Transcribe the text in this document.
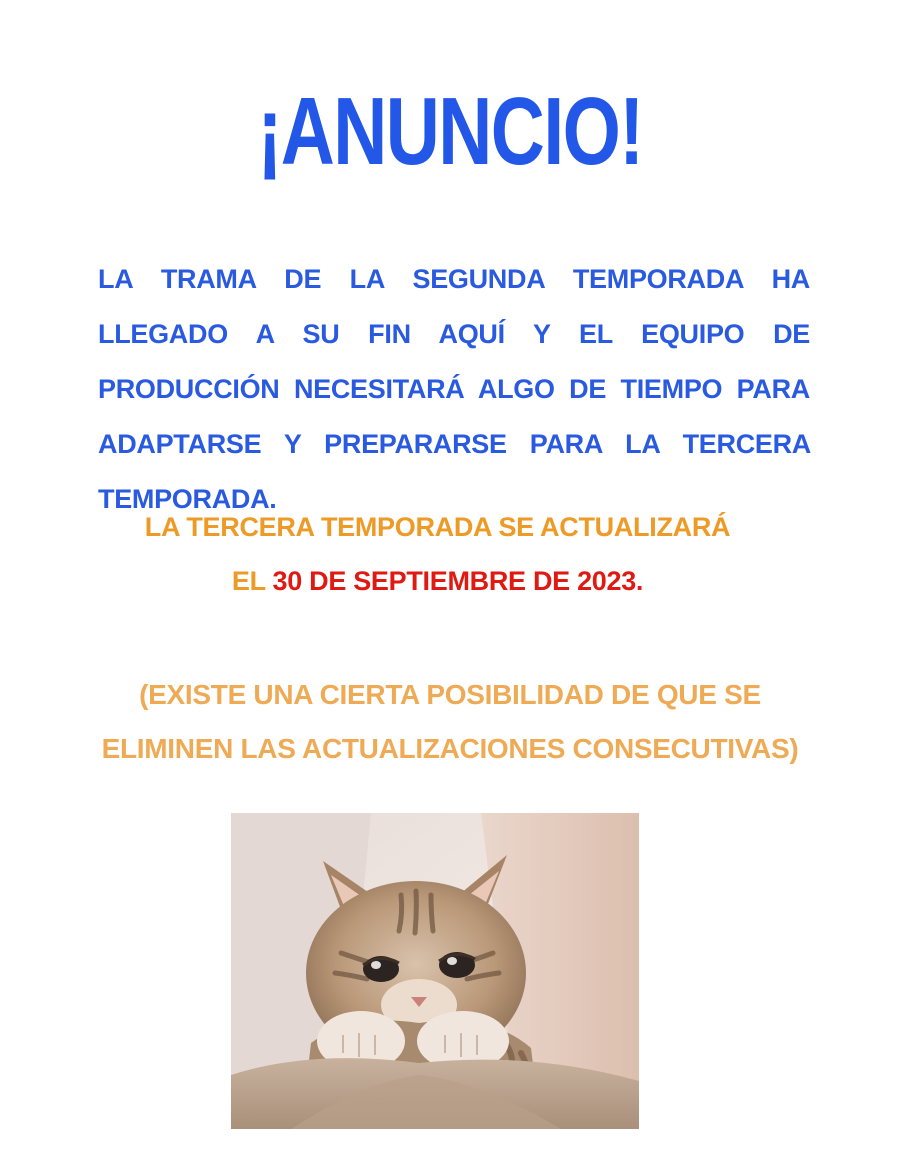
¡ANUNCIO!
LA TRAMA DE LA SEGUNDA TEMPORADA HA LLEGADO A SU FIN AQUÍ Y EL EQUIPO DE PRODUCCIÓN NECESITARÁ ALGO DE TIEMPO PARA ADAPTARSE Y PREPARARSE PARA LA TERCERA TEMPORADA.
LA TERCERA TEMPORADA SE ACTUALIZARÁ
EL 30 DE SEPTIEMBRE DE 2023.
(EXISTE UNA CIERTA POSIBILIDAD DE QUE SE
ELIMINEN LAS ACTUALIZACIONES CONSECUTIVAS)
